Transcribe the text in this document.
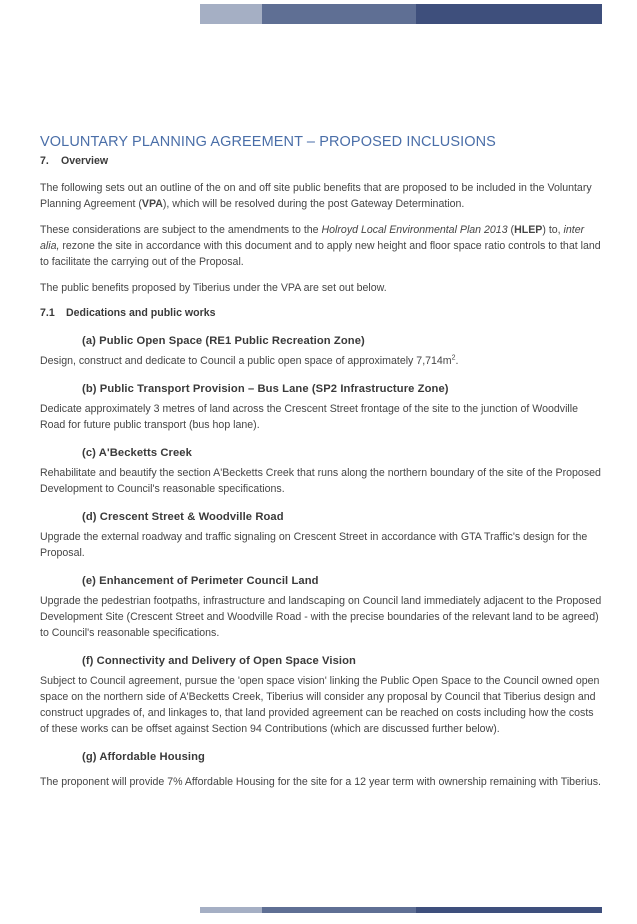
VOLUNTARY PLANNING AGREEMENT – PROPOSED INCLUSIONS
7. Overview

The following sets out an outline of the on and off site public benefits that are proposed to be included in the Voluntary Planning Agreement (VPA), which will be resolved during the post Gateway Determination.

These considerations are subject to the amendments to the Holroyd Local Environmental Plan 2013 (HLEP) to, inter alia, rezone the site in accordance with this document and to apply new height and floor space ratio controls to that land to facilitate the carrying out of the Proposal.

The public benefits proposed by Tiberius under the VPA are set out below.

7.1 Dedications and public works
(a) Public Open Space (RE1 Public Recreation Zone)

Design, construct and dedicate to Council a public open space of approximately $7,714m^2$.

(b) Public Transport Provision – Bus Lane (SP2 Infrastructure Zone)

Dedicate approximately 3 metres of land across the Crescent Street frontage of the site to the junction of Woodville Road for future public transport (bus hop lane).

(c) A'Becketts Creek

Rehabilitate and beautify the section A'Becketts Creek that runs along the northern boundary of the site of the Proposed Development to Council's reasonable specifications.

(d) Crescent Street & Woodville Road

Upgrade the external roadway and traffic signaling on Crescent Street in accordance with GTA Traffic's design for the Proposal.

(e) Enhancement of Perimeter Council Land

Upgrade the pedestrian footpaths, infrastructure and landscaping on Council land immediately adjacent to the Proposed Development Site (Crescent Street and Woodville Road - with the precise boundaries of the relevant land to be agreed) to Council's reasonable specifications.

(f) Connectivity and Delivery of Open Space Vision

Subject to Council agreement, pursue the 'open space vision' linking the Public Open Space to the Council owned open space on the northern side of A'Becketts Creek, Tiberius will consider any proposal by Council that Tiberius design and construct upgrades of, and linkages to, that land provided agreement can be reached on costs including how the costs of these works can be offset against Section 94 Contributions (which are discussed further below).

(g) Affordable Housing

The proponent will provide 7% Affordable Housing for the site for a 12 year term with ownership remaining with Tiberius.
